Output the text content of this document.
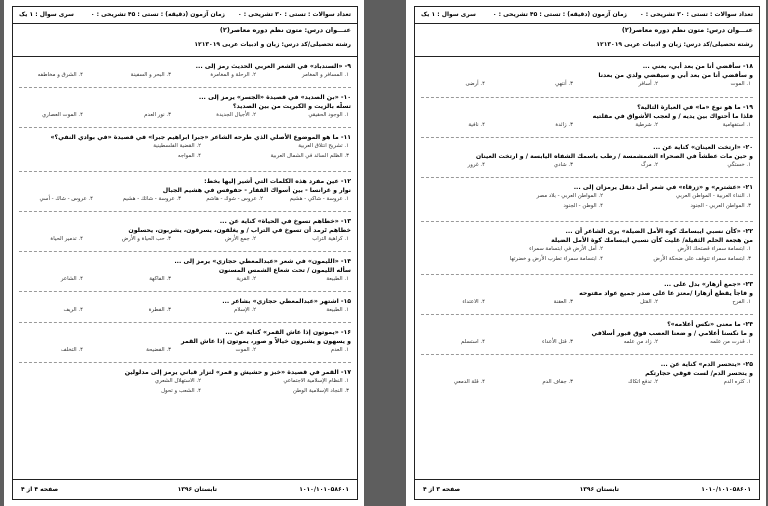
تعداد سوالات : تستی : ۳۰ تشریحی : ۰
زمان آزمون (دقیقه) : تستی : ۴۵ تشریحی : ۰
سری سوال : ۱ یک
عنـــوان درس: متون نظم دوره معاصر(۲)
رشته تحصیلی/کد درس: زبان و ادبیات عربی ۱۲۱۳۰۱۹
۹- «السندباد» في الشعر العربي الحديث رمز إلى ...
۱. المسافر و المغامر
۲. الرحلة و المغامرة
۳. البحر و السفينة
۴. الشرق و مخاطفه
۱۰- «بن الصديد» في قصيدة «الجسر» يرمز إلى ...
تسلّه بالزيت و الكبريت من بين الصديد؟
۱. الوجود الحقيقي
۲. الأجيال الجديدة
۳. نور العدم
۴. الموت العصاري
۱۱- ما هو الموضوع الأصلي الذي طرحه الشاعر «جبرا ابراهيم جبرا» في قصيدة «في بوادي النفي؟»
۱. تشريح انتلاق العربية
۲. القضية الفلسطينية
۳. الظلم السائد في الشمال العربية
۴. المواجه
۱۲- عين مفرد هذه الكلمات التي أشير إليها بخط:
نوار و غرانسا - بين أسواك القفار - حفوفس في هشيم الجبال
۱. عروسة - شاكي - هشيم
۲. عروس - شوك - هاشم
۳. عروسة - شائك - هشيم
۴. عروس - شاك - أسي
۱۳- «خطاهم تسوخ في الحياة» كناية عن ...
خطاهم تَرمد أن تسوخ في التراب / و يغلقون، يسرقون، يشربون، يحسلون
۱. كراهية التراب
۲. جمع الأرض
۳. حب الحياة و الأرض
۴. تدمير الحياة
۱۴- «الليمون» في شعر «عبدالمعطي حجازي» يرمز إلى ...
سأله الليمون / تحت شعاع الشمس المسنون
۱. الطبيعة
۲. القرية
۳. الفاكهة
۴. الشاعر
۱۵- اشتهر «عبدالمعطي حجازي» بشاعر ...
۱. الطبيعة
۲. الإسلام
۳. الفطرة
۴. الريف
۱۶- «يموتون إذا عاش القمر» كناية عن ...
و يسهون و يشبرون خيالاً و صور، يموتون إذا عاش القمر
۱. العدم
۲. الموت
۳. الفضيحة
۴. التخلف
۱۷- القمر في قصيدة «خبز و حشيش و قمر» لنزار قباني يرمز إلى مدلولين
۱. النظام الإسلامية الاجتماعي
۲. الاستهلال الشعري
۳. النجاد الإسلامية الوطن
۴. الشعب و تحول
۱۰۱۰/۱۰۱۰۵۸۶۰۱
تابستان ۱۳۹۶
صفحه ۴ از ۴
تعداد سوالات : تستی : ۳۰ تشریحی : ۰
زمان آزمون (دقیقه) : تستی : ۴۵ تشریحی : ۰
سری سوال : ۱ یک
عنـــوان درس: متون نظم دوره معاصر(۲)
رشته تحصیلی/کد درس: زبان و ادبیات عربی ۱۲۱۳۰۱۹
۱۸- سأقضي أنا من بعد أبي، يعني ...
و سأقضي أنا من بعد أبي و سيقضي ولدي من بعدنا
۱. الموت
۲. أسافر
۳. أنتهي
۴. أرضى
۱۹- ما هو نوع «ما» في العبارة التالية؟
فلذا ما أحتواك بين يديه / و لعجب الأشواق في مقلتيه
۱. استفهامية
۲. شرطية
۳. زائدة
۴. نافية
۲۰- «ارتخت العينان» كناية عن ...
و حين مات عطشاً في الصحراء الشمشمسة / رطب باسمك الشفاه اليابسة / و ارتخت العينان
۱. خستگي
۲. مرگ
۳. شادي
۴. غرور
۲۱- «عشترم» و «زرقاء» في شعر أمل دنقل يرمزان إلى ...
۱. النداء العربية - المواطن العربي
۲. المواطن العربي - بلاد مصر
۳. المواطن العربي - الجنود
۴. الوطن - الجنود
۲۲- «كأن نسبي ايبسامك كوه الأمل الضيلة» يرى الشاعر أن ...
من هجعة الحلم الثقيلة/ غليت كأن نسبي ايبسامك كوة الأمل الضيلة
۱. ابتسامة سمراء قصتحك الأرض
۲. أمل الأرض في ابتسامة سمراء
۳. ابتسامة سمراء تتوقف على ضحكة الأرض
۴. ابتسامة سمراء تطرب الأرض و خضرتها
۲۳- «جمع أزهار» بدل على ...
و فاجأ يقطع أزهارا /معتز عا على صدر جميع عواد مفتوحه
۱. الفرح
۲. القتل
۳. العقنة
۴. الاعتداء
۲۴- ما معنى «نكس أعلامه»؟
و ما نكسنا أعلامي / و ضعنا العصب فوق قبور أسلافي
۱. قدرت من علمه
۲. زاد من علمه
۳. قتل الأعداء
۴. استسلم
۲۵- «يتحسر الدم» كناية عن ...
و يتحسر الدم/ لست فوقي حجارتكم
۱. كثره الدم
۲. تدفع اتكاك
۳. جفاف الدم
۴. قلة الدمعي
۱۰۱۰/۱۰۱۰۵۸۶۰۱
تابستان ۱۳۹۶
صفحه ۳ از ۴
